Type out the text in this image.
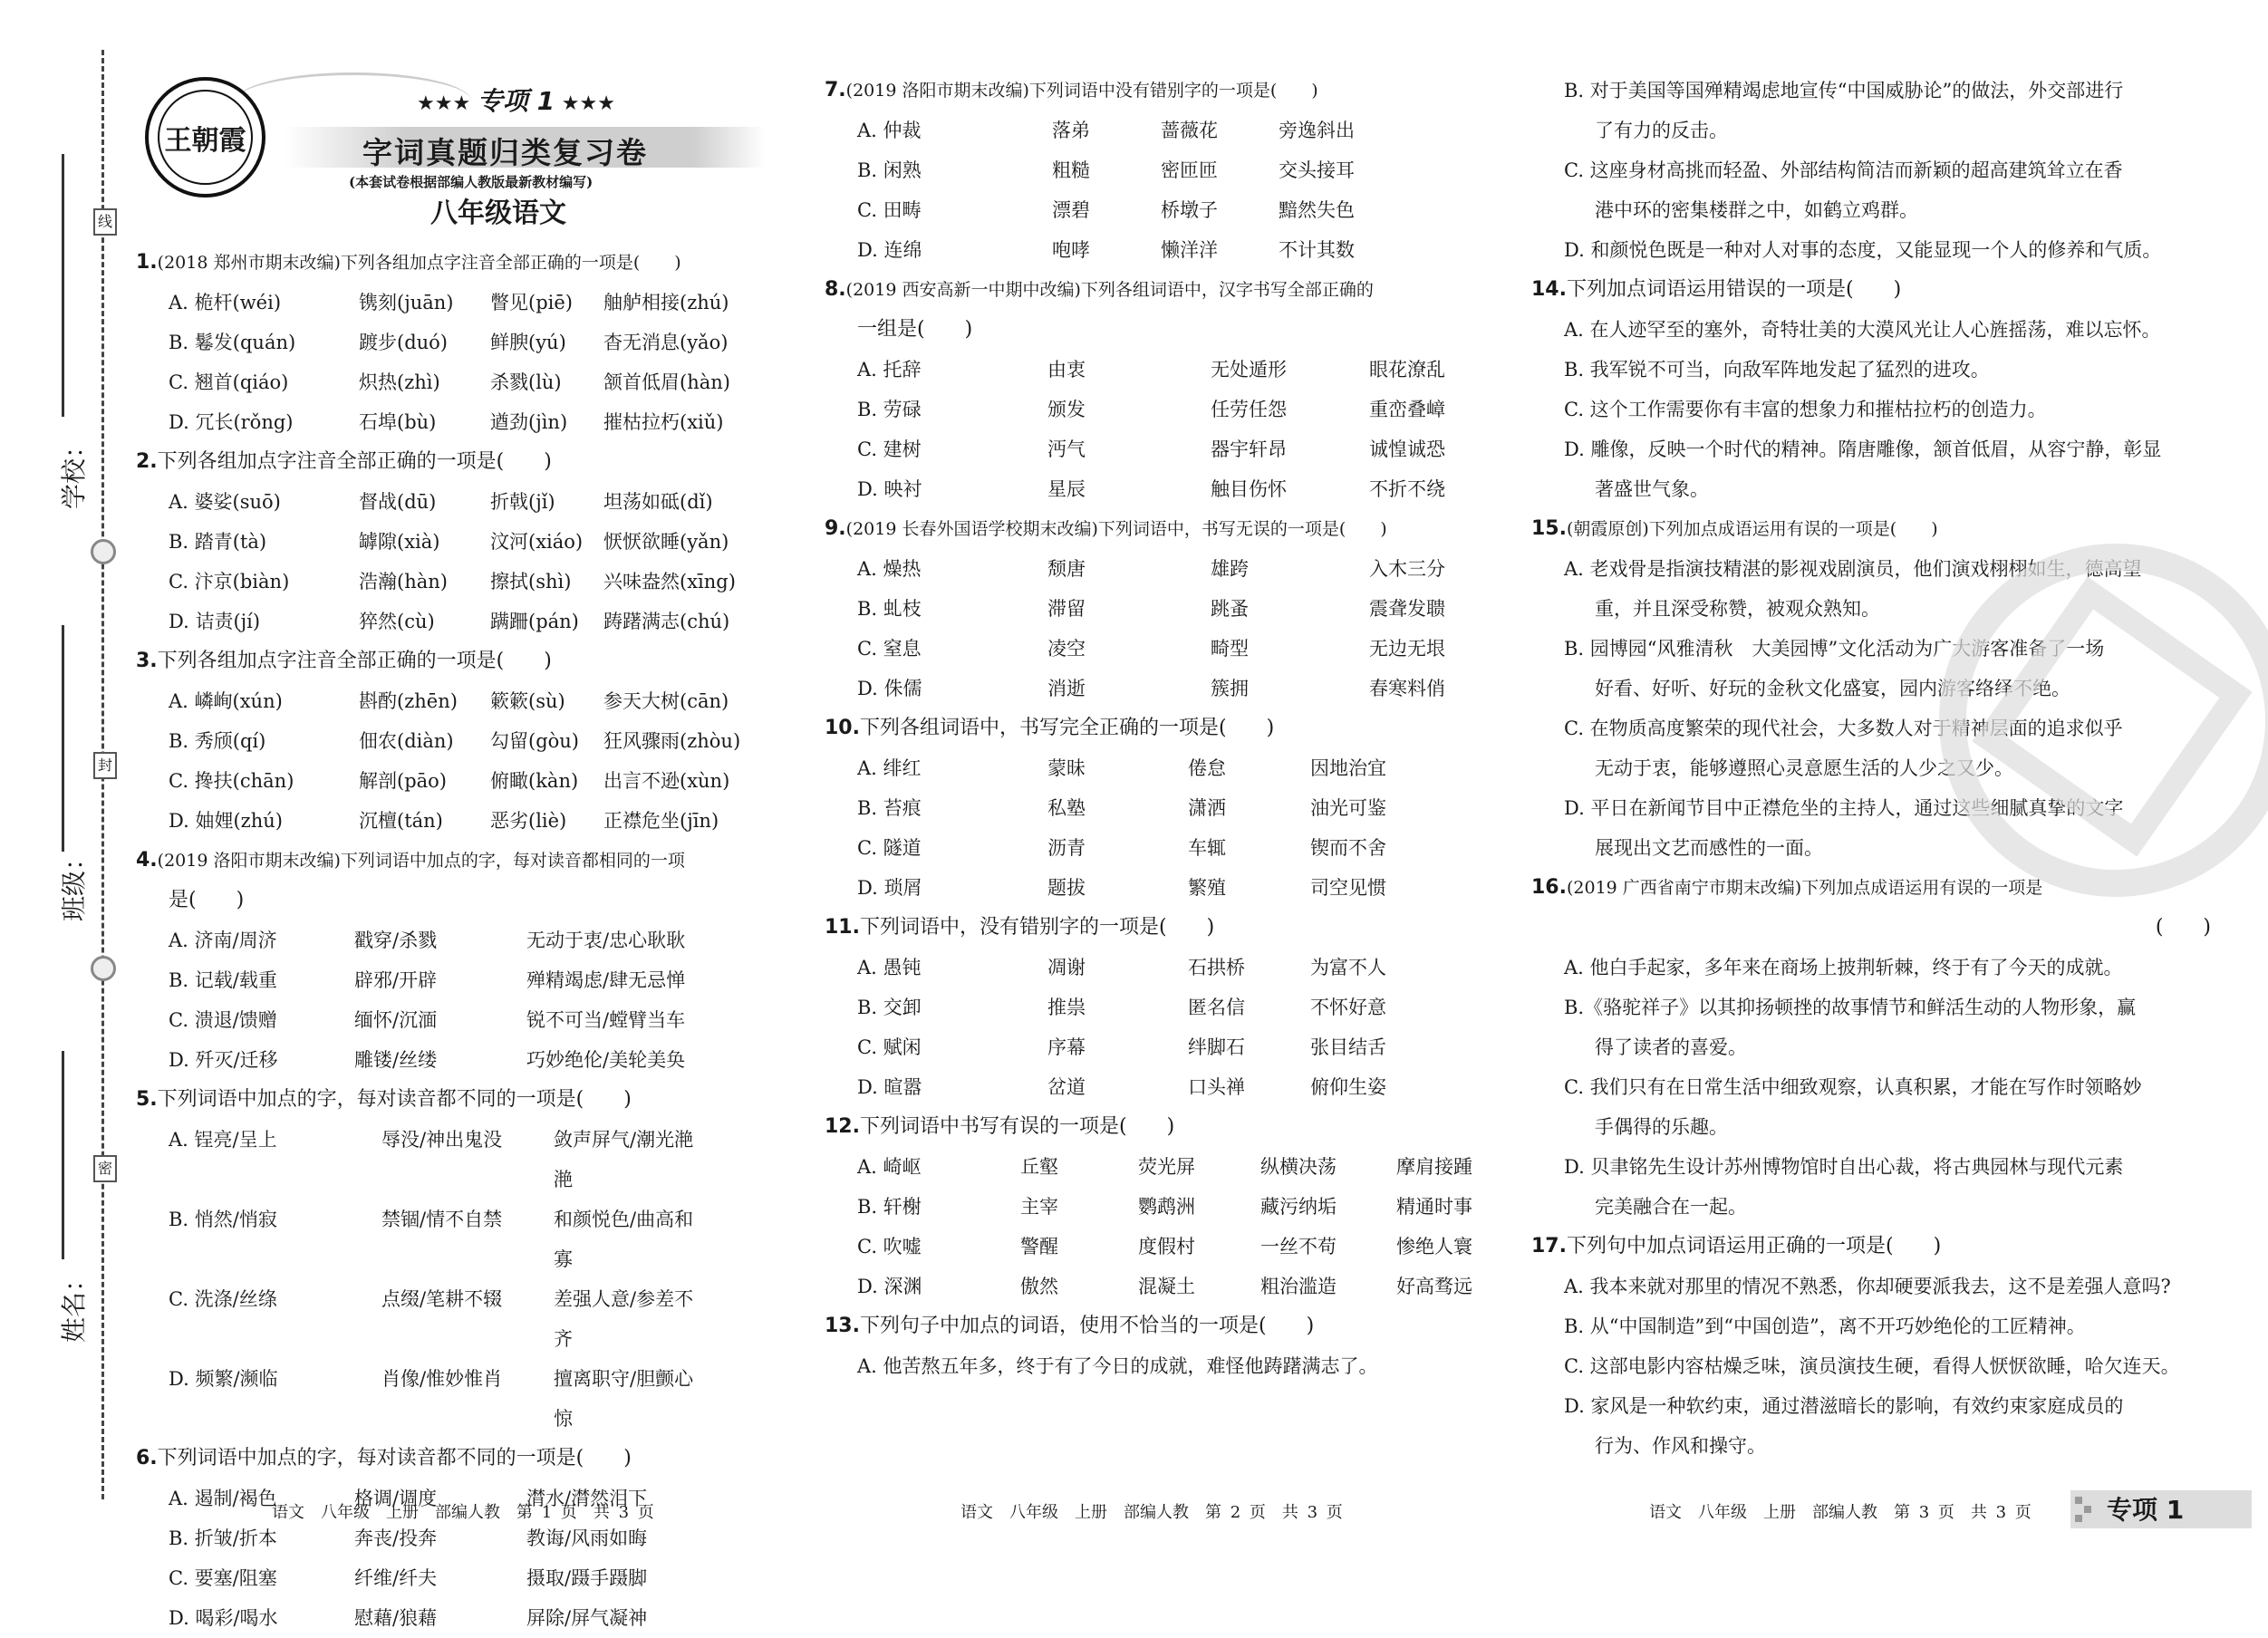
线
封
密
学校：
班级：
姓名：
王朝霞
★★★ 专项 1 ★★★
字词真题归类复习卷
(本套试卷根据部编人教版最新教材编写)
八年级语文

1.(2018 郑州市期末改编)下列各组加点字注音全部正确的一项是(　　)

A. 桅杆(wéi)	镌刻(juān)	瞥见(piē)	舳舻相接(zhú)
B. 鬈发(quán)	踱步(duó)	鲜腴(yú)	杳无消息(yǎo)
C. 翘首(qiáo)	炽热(zhì)	杀戮(lù)	颔首低眉(hàn)
D. 冗长(rǒng)	石埠(bù)	遒劲(jìn)	摧枯拉朽(xiǔ)

2.下列各组加点字注音全部正确的一项是(　　)

A. 婆娑(suō)	督战(dū)	折戟(jǐ)	坦荡如砥(dǐ)
B. 踏青(tà)	罅隙(xià)	汶河(xiáo)	恹恹欲睡(yǎn)
C. 汴京(biàn)	浩瀚(hàn)	擦拭(shì)	兴味盎然(xīng)
D. 诘责(jí)	猝然(cù)	蹒跚(pán)	踌躇满志(chú)

3.下列各组加点字注音全部正确的一项是(　　)

A. 嶙峋(xún)	斟酌(zhēn)	簌簌(sù)	参天大树(cān)
B. 秀颀(qí)	佃农(diàn)	勾留(gòu)	狂风骤雨(zhòu)
C. 搀扶(chān)	解剖(pāo)	俯瞰(kàn)	出言不逊(xùn)
D. 妯娌(zhú)	沉檀(tán)	恶劣(liè)	正襟危坐(jīn)

4.(2019 洛阳市期末改编)下列词语中加点的字，每对读音都相同的一项

是(　　)

A. 济南/周济	戳穿/杀戮	无动于衷/忠心耿耿
B. 记载/载重	辟邪/开辟	殚精竭虑/肆无忌惮
C. 溃退/馈赠	缅怀/沉湎	锐不可当/螳臂当车
D. 歼灭/迁移	雕镂/丝缕	巧妙绝伦/美轮美奂

5.下列词语中加点的字，每对读音都不同的一项是(　　)

A. 锃亮/呈上	辱没/神出鬼没	敛声屏气/潮光滟滟
B. 悄然/悄寂	禁锢/情不自禁	和颜悦色/曲高和寡
C. 洗涤/丝绦	点缀/笔耕不辍	差强人意/参差不齐
D. 频繁/濒临	肖像/惟妙惟肖	擅离职守/胆颤心惊

6.下列词语中加点的字，每对读音都不同的一项是(　　)

A. 遏制/褐色	格调/调度	潸水/潸然泪下
B. 折皱/折本	奔丧/投奔	教诲/风雨如晦
C. 要塞/阻塞	纤维/纤夫	摄取/蹑手蹑脚
D. 喝彩/喝水	慰藉/狼藉	屏除/屏气凝神

7.(2019 洛阳市期末改编)下列词语中没有错别字的一项是(　　)

A. 仲裁	落弟	蔷薇花	旁逸斜出
B. 闲熟	粗糙	密匝匝	交头接耳
C. 田畴	漂碧	桥墩子	黯然失色
D. 连绵	咆哮	懒洋洋	不计其数

8.(2019 西安高新一中期中改编)下列各组词语中，汉字书写全部正确的

一组是(　　)

A. 托辞	由衷	无处遁形	眼花潦乱
B. 劳碌	颁发	任劳任怨	重峦叠嶂
C. 建树	沔气	器宇轩昂	诚惶诚恐
D. 映衬	星辰	触目伤怀	不折不绕

9.(2019 长春外国语学校期末改编)下列词语中，书写无误的一项是(　　)

A. 燥热	颓唐	雄跨	入木三分
B. 虬枝	滞留	跳蚤	震聋发聩
C. 窒息	凌空	畸型	无边无垠
D. 侏儒	消逝	簇拥	春寒料俏

10.下列各组词语中，书写完全正确的一项是(　　)

A. 绯红	蒙昧	倦怠	因地治宜
B. 苔痕	私塾	潇洒	油光可鉴
C. 隧道	沥青	车辄	锲而不舍
D. 琐屑	题拔	繁殖	司空见惯

11.下列词语中，没有错别字的一项是(　　)

A. 愚钝	凋谢	石拱桥	为富不人
B. 交卸	推祟	匿名信	不怀好意
C. 赋闲	序幕	绊脚石	张目结舌
D. 暄嚣	岔道	口头禅	俯仰生姿

12.下列词语中书写有误的一项是(　　)

A. 崎岖	丘壑	荧光屏	纵横决荡	摩肩接踵
B. 轩榭	主宰	鹦鹉洲	藏污纳垢	精通时事
C. 吹嘘	警醒	度假村	一丝不苟	惨绝人寰
D. 深渊	傲然	混凝土	粗治滥造	好高骛远

13.下列句子中加点的词语，使用不恰当的一项是(　　)

A. 他苦熬五年多，终于有了今日的成就，难怪他踌躇满志了。
B. 对于美国等国殚精竭虑地宣传“中国威胁论”的做法，外交部进行
了有力的反击。
C. 这座身材高挑而轻盈、外部结构简洁而新颖的超高建筑耸立在香
港中环的密集楼群之中，如鹤立鸡群。
D. 和颜悦色既是一种对人对事的态度，又能显现一个人的修养和气质。

14.下列加点词语运用错误的一项是(　　)

A. 在人迹罕至的塞外，奇特壮美的大漠风光让人心旌摇荡，难以忘怀。
B. 我军锐不可当，向敌军阵地发起了猛烈的进攻。
C. 这个工作需要你有丰富的想象力和摧枯拉朽的创造力。
D. 雕像，反映一个时代的精神。隋唐雕像，颔首低眉，从容宁静，彰显
著盛世气象。

15.(朝霞原创)下列加点成语运用有误的一项是(　　)

A. 老戏骨是指演技精湛的影视戏剧演员，他们演戏栩栩如生，德高望
重，并且深受称赞，被观众熟知。
B. 园博园“风雅清秋　大美园博”文化活动为广大游客准备了一场
好看、好听、好玩的金秋文化盛宴，园内游客络绎不绝。
C. 在物质高度繁荣的现代社会，大多数人对于精神层面的追求似乎
无动于衷，能够遵照心灵意愿生活的人少之又少。
D. 平日在新闻节目中正襟危坐的主持人，通过这些细腻真挚的文字
展现出文艺而感性的一面。

16.(2019 广西省南宁市期末改编)下列加点成语运用有误的一项是

(　　)

A. 他白手起家，多年来在商场上披荆斩棘，终于有了今天的成就。
B.《骆驼祥子》以其抑扬顿挫的故事情节和鲜活生动的人物形象，赢
得了读者的喜爱。
C. 我们只有在日常生活中细致观察，认真积累，才能在写作时领略妙
手偶得的乐趣。
D. 贝聿铭先生设计苏州博物馆时自出心裁，将古典园林与现代元素
完美融合在一起。

17.下列句中加点词语运用正确的一项是(　　)

A. 我本来就对那里的情况不熟悉，你却硬要派我去，这不是差强人意吗?
B. 从“中国制造”到“中国创造”，离不开巧妙绝伦的工匠精神。
C. 这部电影内容枯燥乏味，演员演技生硬，看得人恹恹欲睡，哈欠连天。
D. 家风是一种软约束，通过潜滋暗长的影响，有效约束家庭成员的
行为、作风和操守。
语文　八年级　上册　部编人教　第 1 页　共 3 页	语文　八年级　上册　部编人教　第 2 页　共 3 页	语文　八年级　上册　部编人教　第 3 页　共 3 页	专项 1
